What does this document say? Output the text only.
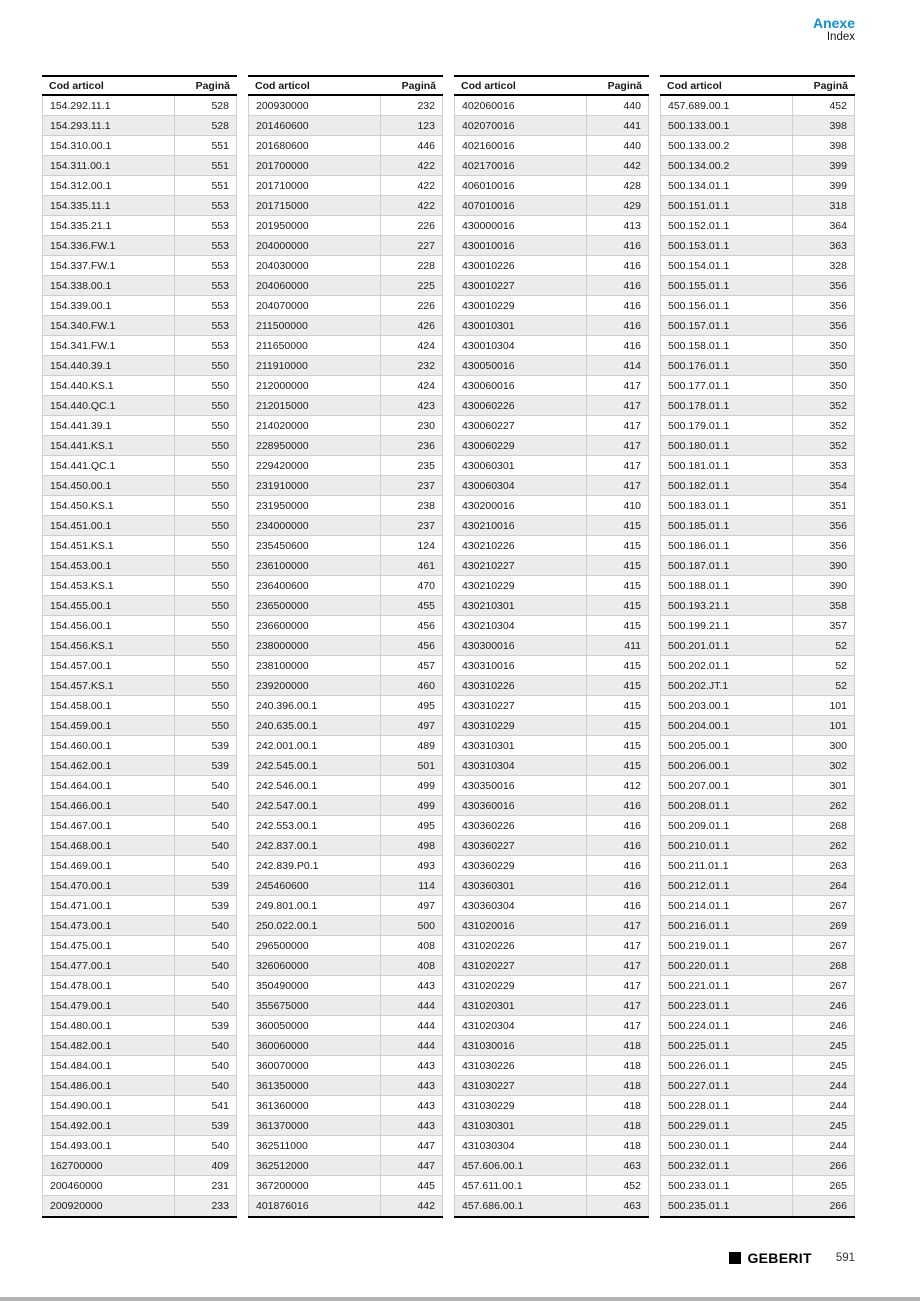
Anexe
Index
Cod articol	Pagină
154.292.11.1	528
154.293.11.1	528
154.310.00.1	551
154.311.00.1	551
154.312.00.1	551
154.335.11.1	553
154.335.21.1	553
154.336.FW.1	553
154.337.FW.1	553
154.338.00.1	553
154.339.00.1	553
154.340.FW.1	553
154.341.FW.1	553
154.440.39.1	550
154.440.KS.1	550
154.440.QC.1	550
154.441.39.1	550
154.441.KS.1	550
154.441.QC.1	550
154.450.00.1	550
154.450.KS.1	550
154.451.00.1	550
154.451.KS.1	550
154.453.00.1	550
154.453.KS.1	550
154.455.00.1	550
154.456.00.1	550
154.456.KS.1	550
154.457.00.1	550
154.457.KS.1	550
154.458.00.1	550
154.459.00.1	550
154.460.00.1	539
154.462.00.1	539
154.464.00.1	540
154.466.00.1	540
154.467.00.1	540
154.468.00.1	540
154.469.00.1	540
154.470.00.1	539
154.471.00.1	539
154.473.00.1	540
154.475.00.1	540
154.477.00.1	540
154.478.00.1	540
154.479.00.1	540
154.480.00.1	539
154.482.00.1	540
154.484.00.1	540
154.486.00.1	540
154.490.00.1	541
154.492.00.1	539
154.493.00.1	540
162700000	409
200460000	231
200920000	233
Cod articol	Pagină
200930000	232
201460600	123
201680600	446
201700000	422
201710000	422
201715000	422
201950000	226
204000000	227
204030000	228
204060000	225
204070000	226
211500000	426
211650000	424
211910000	232
212000000	424
212015000	423
214020000	230
228950000	236
229420000	235
231910000	237
231950000	238
234000000	237
235450600	124
236100000	461
236400600	470
236500000	455
236600000	456
238000000	456
238100000	457
239200000	460
240.396.00.1	495
240.635.00.1	497
242.001.00.1	489
242.545.00.1	501
242.546.00.1	499
242.547.00.1	499
242.553.00.1	495
242.837.00.1	498
242.839.P0.1	493
245460600	114
249.801.00.1	497
250.022.00.1	500
296500000	408
326060000	408
350490000	443
355675000	444
360050000	444
360060000	444
360070000	443
361350000	443
361360000	443
361370000	443
362511000	447
362512000	447
367200000	445
401876016	442
Cod articol	Pagină
402060016	440
402070016	441
402160016	440
402170016	442
406010016	428
407010016	429
430000016	413
430010016	416
430010226	416
430010227	416
430010229	416
430010301	416
430010304	416
430050016	414
430060016	417
430060226	417
430060227	417
430060229	417
430060301	417
430060304	417
430200016	410
430210016	415
430210226	415
430210227	415
430210229	415
430210301	415
430210304	415
430300016	411
430310016	415
430310226	415
430310227	415
430310229	415
430310301	415
430310304	415
430350016	412
430360016	416
430360226	416
430360227	416
430360229	416
430360301	416
430360304	416
431020016	417
431020226	417
431020227	417
431020229	417
431020301	417
431020304	417
431030016	418
431030226	418
431030227	418
431030229	418
431030301	418
431030304	418
457.606.00.1	463
457.611.00.1	452
457.686.00.1	463
Cod articol	Pagină
457.689.00.1	452
500.133.00.1	398
500.133.00.2	398
500.134.00.2	399
500.134.01.1	399
500.151.01.1	318
500.152.01.1	364
500.153.01.1	363
500.154.01.1	328
500.155.01.1	356
500.156.01.1	356
500.157.01.1	356
500.158.01.1	350
500.176.01.1	350
500.177.01.1	350
500.178.01.1	352
500.179.01.1	352
500.180.01.1	352
500.181.01.1	353
500.182.01.1	354
500.183.01.1	351
500.185.01.1	356
500.186.01.1	356
500.187.01.1	390
500.188.01.1	390
500.193.21.1	358
500.199.21.1	357
500.201.01.1	52
500.202.01.1	52
500.202.JT.1	52
500.203.00.1	101
500.204.00.1	101
500.205.00.1	300
500.206.00.1	302
500.207.00.1	301
500.208.01.1	262
500.209.01.1	268
500.210.01.1	262
500.211.01.1	263
500.212.01.1	264
500.214.01.1	267
500.216.01.1	269
500.219.01.1	267
500.220.01.1	268
500.221.01.1	267
500.223.01.1	246
500.224.01.1	246
500.225.01.1	245
500.226.01.1	245
500.227.01.1	244
500.228.01.1	244
500.229.01.1	245
500.230.01.1	244
500.232.01.1	266
500.233.01.1	265
500.235.01.1	266
GEBERIT 591
